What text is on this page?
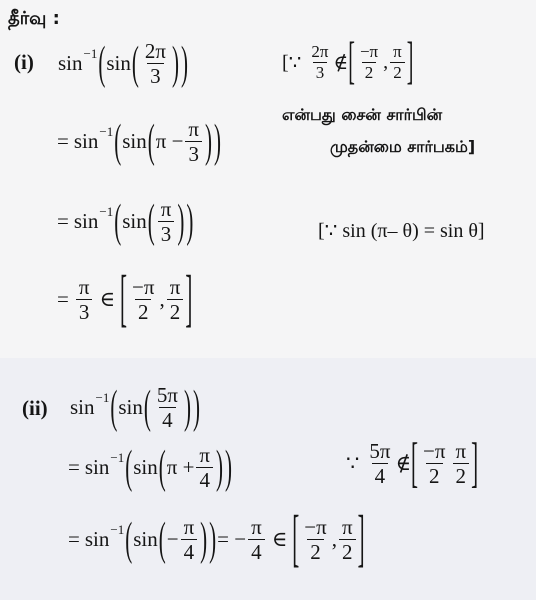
தீர்வு :
(i) sin −1 ( sin ( $\frac{2\pi}{3}$ ) )	[∵ $\frac{2\pi}{3}$ ∉ [ $\frac{-\pi}{2}$ , $\frac{\pi}{2}$ ]
என்பது சைன் சார்பின்
முதன்மை சார்பகம்]
= sin −1 ( sin ( $\pi - \frac{\pi}{3}$ ) )
= sin −1 ( sin ( $\frac{\pi}{3}$ ) )	[∵ sin (π– θ) = sin θ]
= $\frac{\pi}{3}$ ∈ [ $\frac{-\pi}{2}$ , $\frac{\pi}{2}$ ]
(ii) sin −1 ( sin ( $\frac{5\pi}{4}$ ) )
= sin −1 ( sin ( $\pi + \frac{\pi}{4}$ ) )	∵ $\frac{5\pi}{4}$ ∉ [ $\frac{-\pi}{2} \frac{\pi}{2}$ ]
= sin −1 ( sin ( − $\frac{\pi}{4}$ ) ) = − $\frac{\pi}{4}$ ∈ [ $\frac{-\pi}{2}$ , $\frac{\pi}{2}$ ]
